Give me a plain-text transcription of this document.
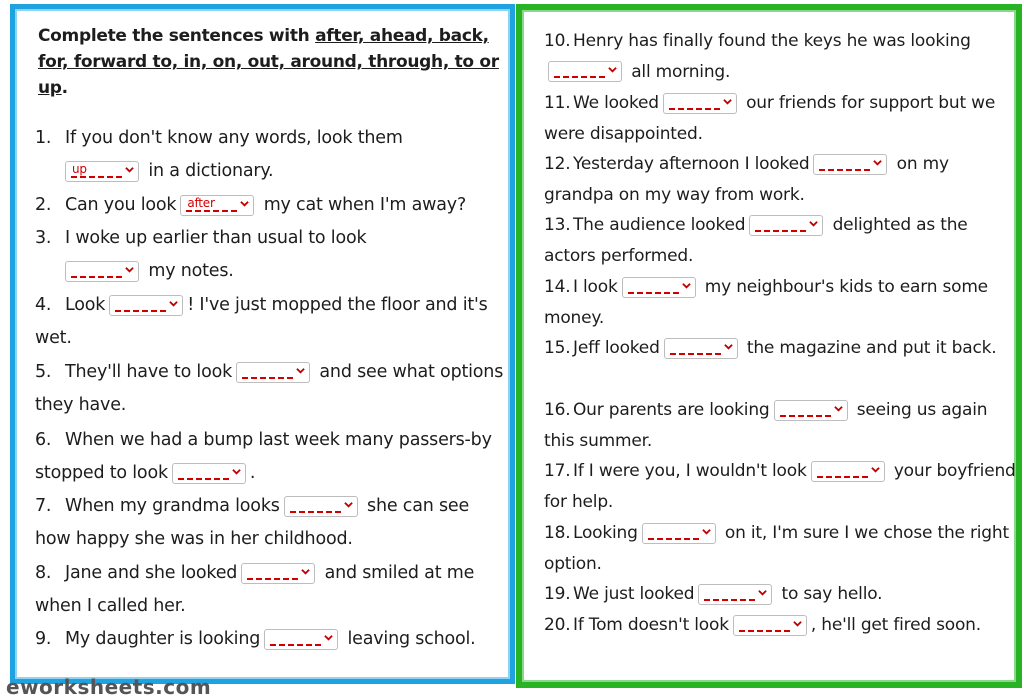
Complete the sentences with after, ahead, back, for, forward to, in, on, out, around, through, to or up.
1. If you don't know any words, look them
up	in a dictionary.
2. Can you look after my cat when I'm away?
3. I woke up earlier than usual to look
my notes.
4. Look	! I've just mopped the floor and it's wet.
5. They'll have to look	and see what options they have.
6. When we had a bump last week many passers-by stopped to look	.
7. When my grandma looks	she can see how happy she was in her childhood.
8. Jane and she looked	and smiled at me when I called her.
9. My daughter is looking	leaving school.
10. Henry has finally found the keys he was looking
all morning.
11. We looked	our friends for support but we were disappointed.
12. Yesterday afternoon I looked	on my grandpa on my way from work.
13. The audience looked	delighted as the actors performed.
14. I look	my neighbour's kids to earn some money.
15. Jeff looked	the magazine and put it back.
16. Our parents are looking	seeing us again this summer.
17. If I were you, I wouldn't look	your boyfriend for help.
18. Looking	on it, I'm sure I we chose the right option.
19. We just looked	to say hello.
20. If Tom doesn't look	, he'll get fired soon.
eworksheets.com
